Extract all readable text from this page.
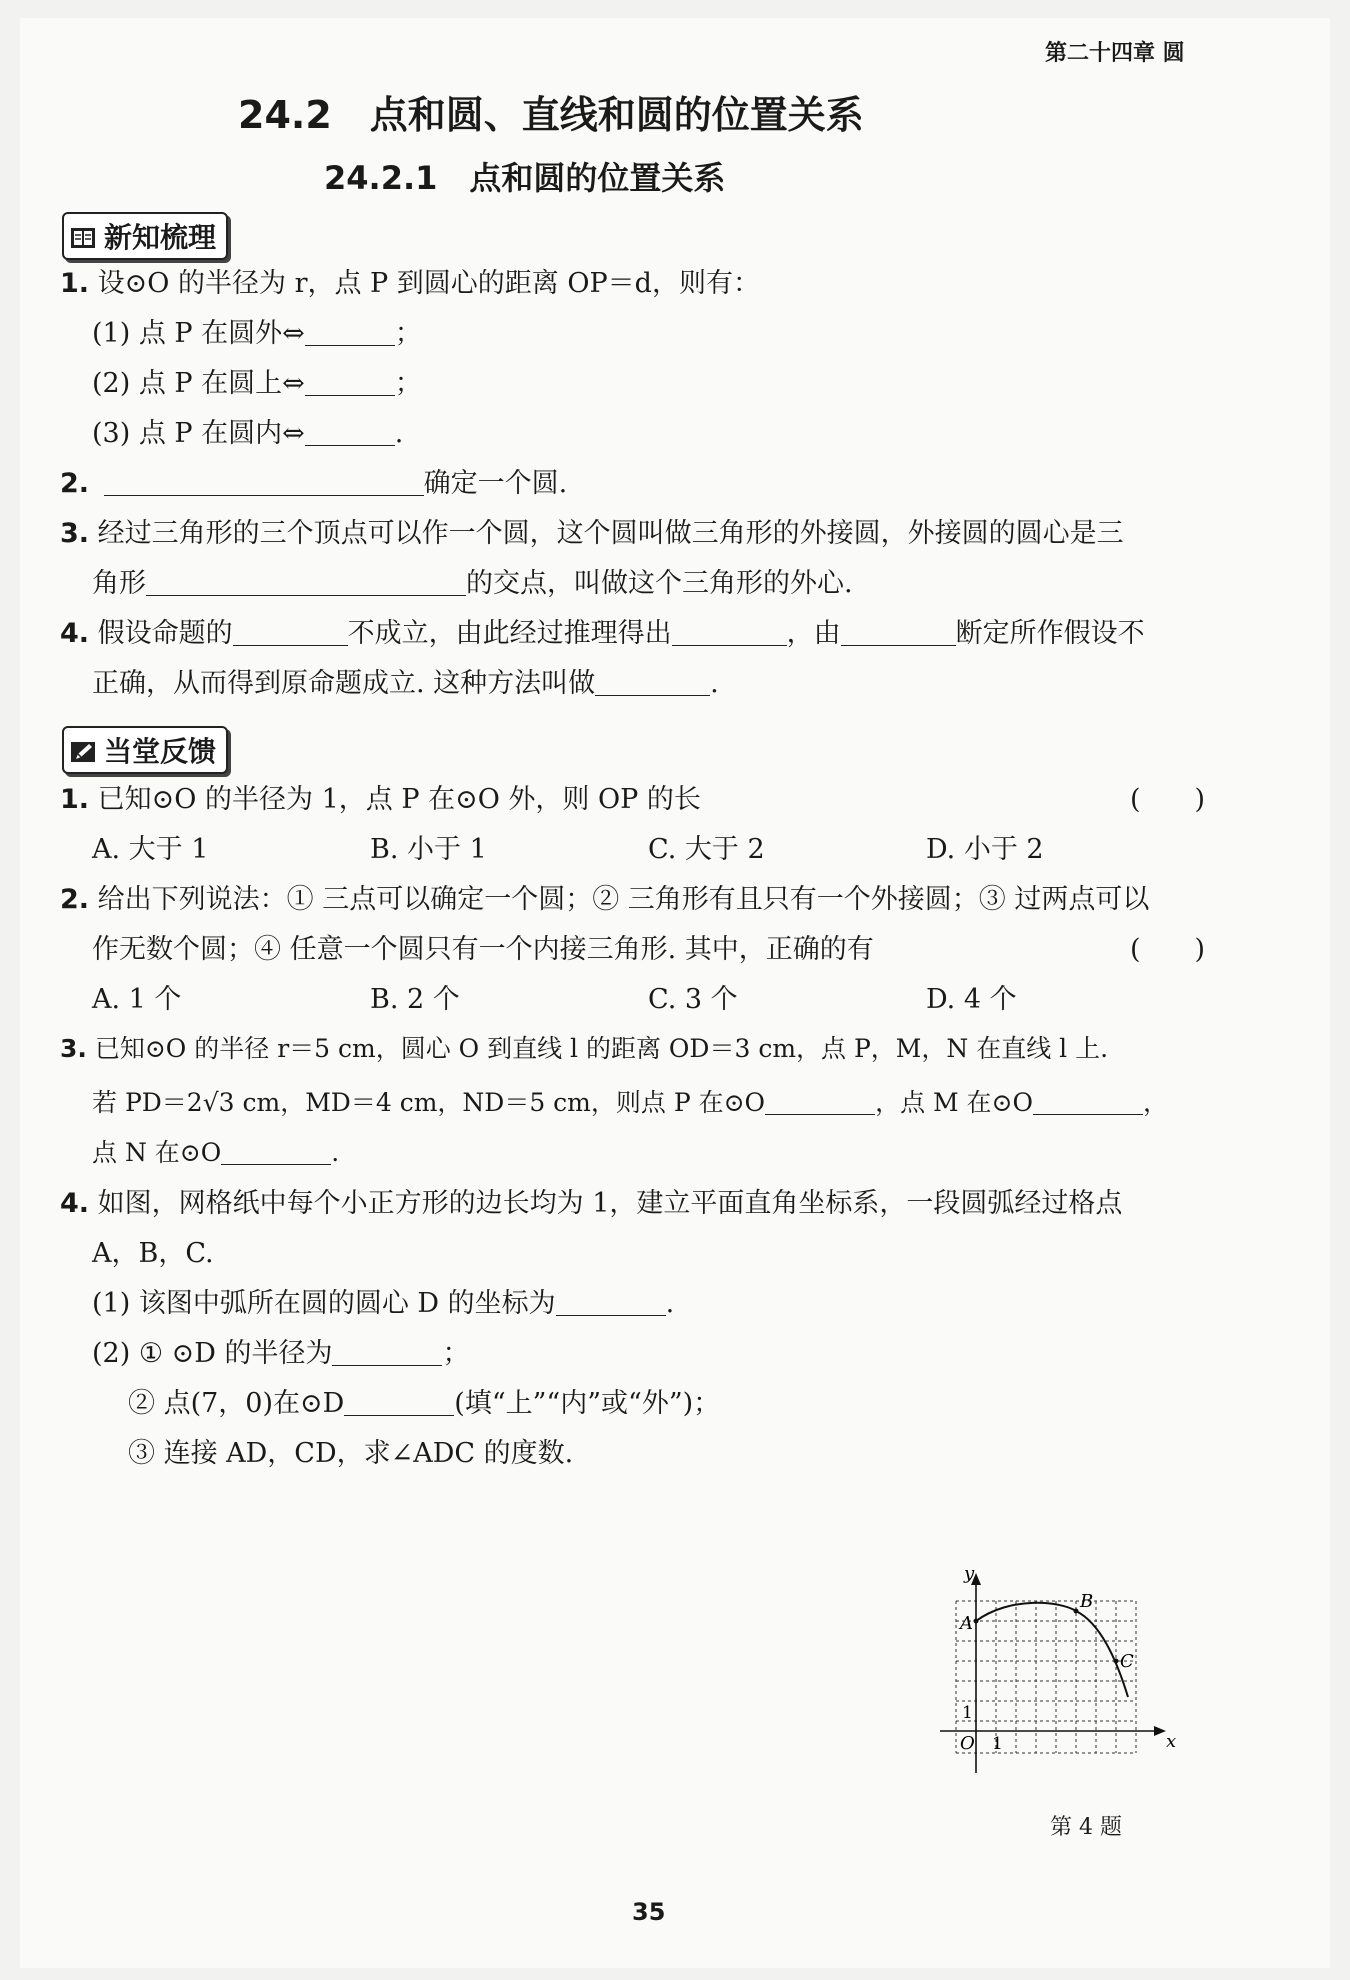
第二十四章 圆
24.2　点和圆、直线和圆的位置关系
24.2.1　点和圆的位置关系
新知梳理
1. 设⊙O 的半径为 r，点 P 到圆心的距离 OP＝d，则有：
(1) 点 P 在圆外⇔	；
(2) 点 P 在圆上⇔	；
(3) 点 P 在圆内⇔	.
2.	确定一个圆.
3. 经过三角形的三个顶点可以作一个圆，这个圆叫做三角形的外接圆，外接圆的圆心是三
角形	的交点，叫做这个三角形的外心.
4. 假设命题的	不成立，由此经过推理得出	，由	断定所作假设不
正确，从而得到原命题成立. 这种方法叫做	.
当堂反馈
1. 已知⊙O 的半径为 1，点 P 在⊙O 外，则 OP 的长	(　　)
A. 大于 1	B. 小于 1	C. 大于 2	D. 小于 2
2. 给出下列说法：① 三点可以确定一个圆；② 三角形有且只有一个外接圆；③ 过两点可以
作无数个圆；④ 任意一个圆只有一个内接三角形. 其中，正确的有	(　　)
A. 1 个	B. 2 个	C. 3 个	D. 4 个
3. 已知⊙O 的半径 r＝5 cm，圆心 O 到直线 l 的距离 OD＝3 cm，点 P，M，N 在直线 l 上.
若 PD＝2√3 cm，MD＝4 cm，ND＝5 cm，则点 P 在⊙O	，点 M 在⊙O	，
点 N 在⊙O	.
4. 如图，网格纸中每个小正方形的边长均为 1，建立平面直角坐标系，一段圆弧经过格点
A，B，C.
(1) 该图中弧所在圆的圆心 D 的坐标为	.
(2) ① ⊙D 的半径为	；
② 点(7，0)在⊙D	(填“上”“内”或“外”)；
③ 连接 AD，CD，求∠ADC 的度数.
y
x
O 1
1
A
B
C
第 4 题
35
